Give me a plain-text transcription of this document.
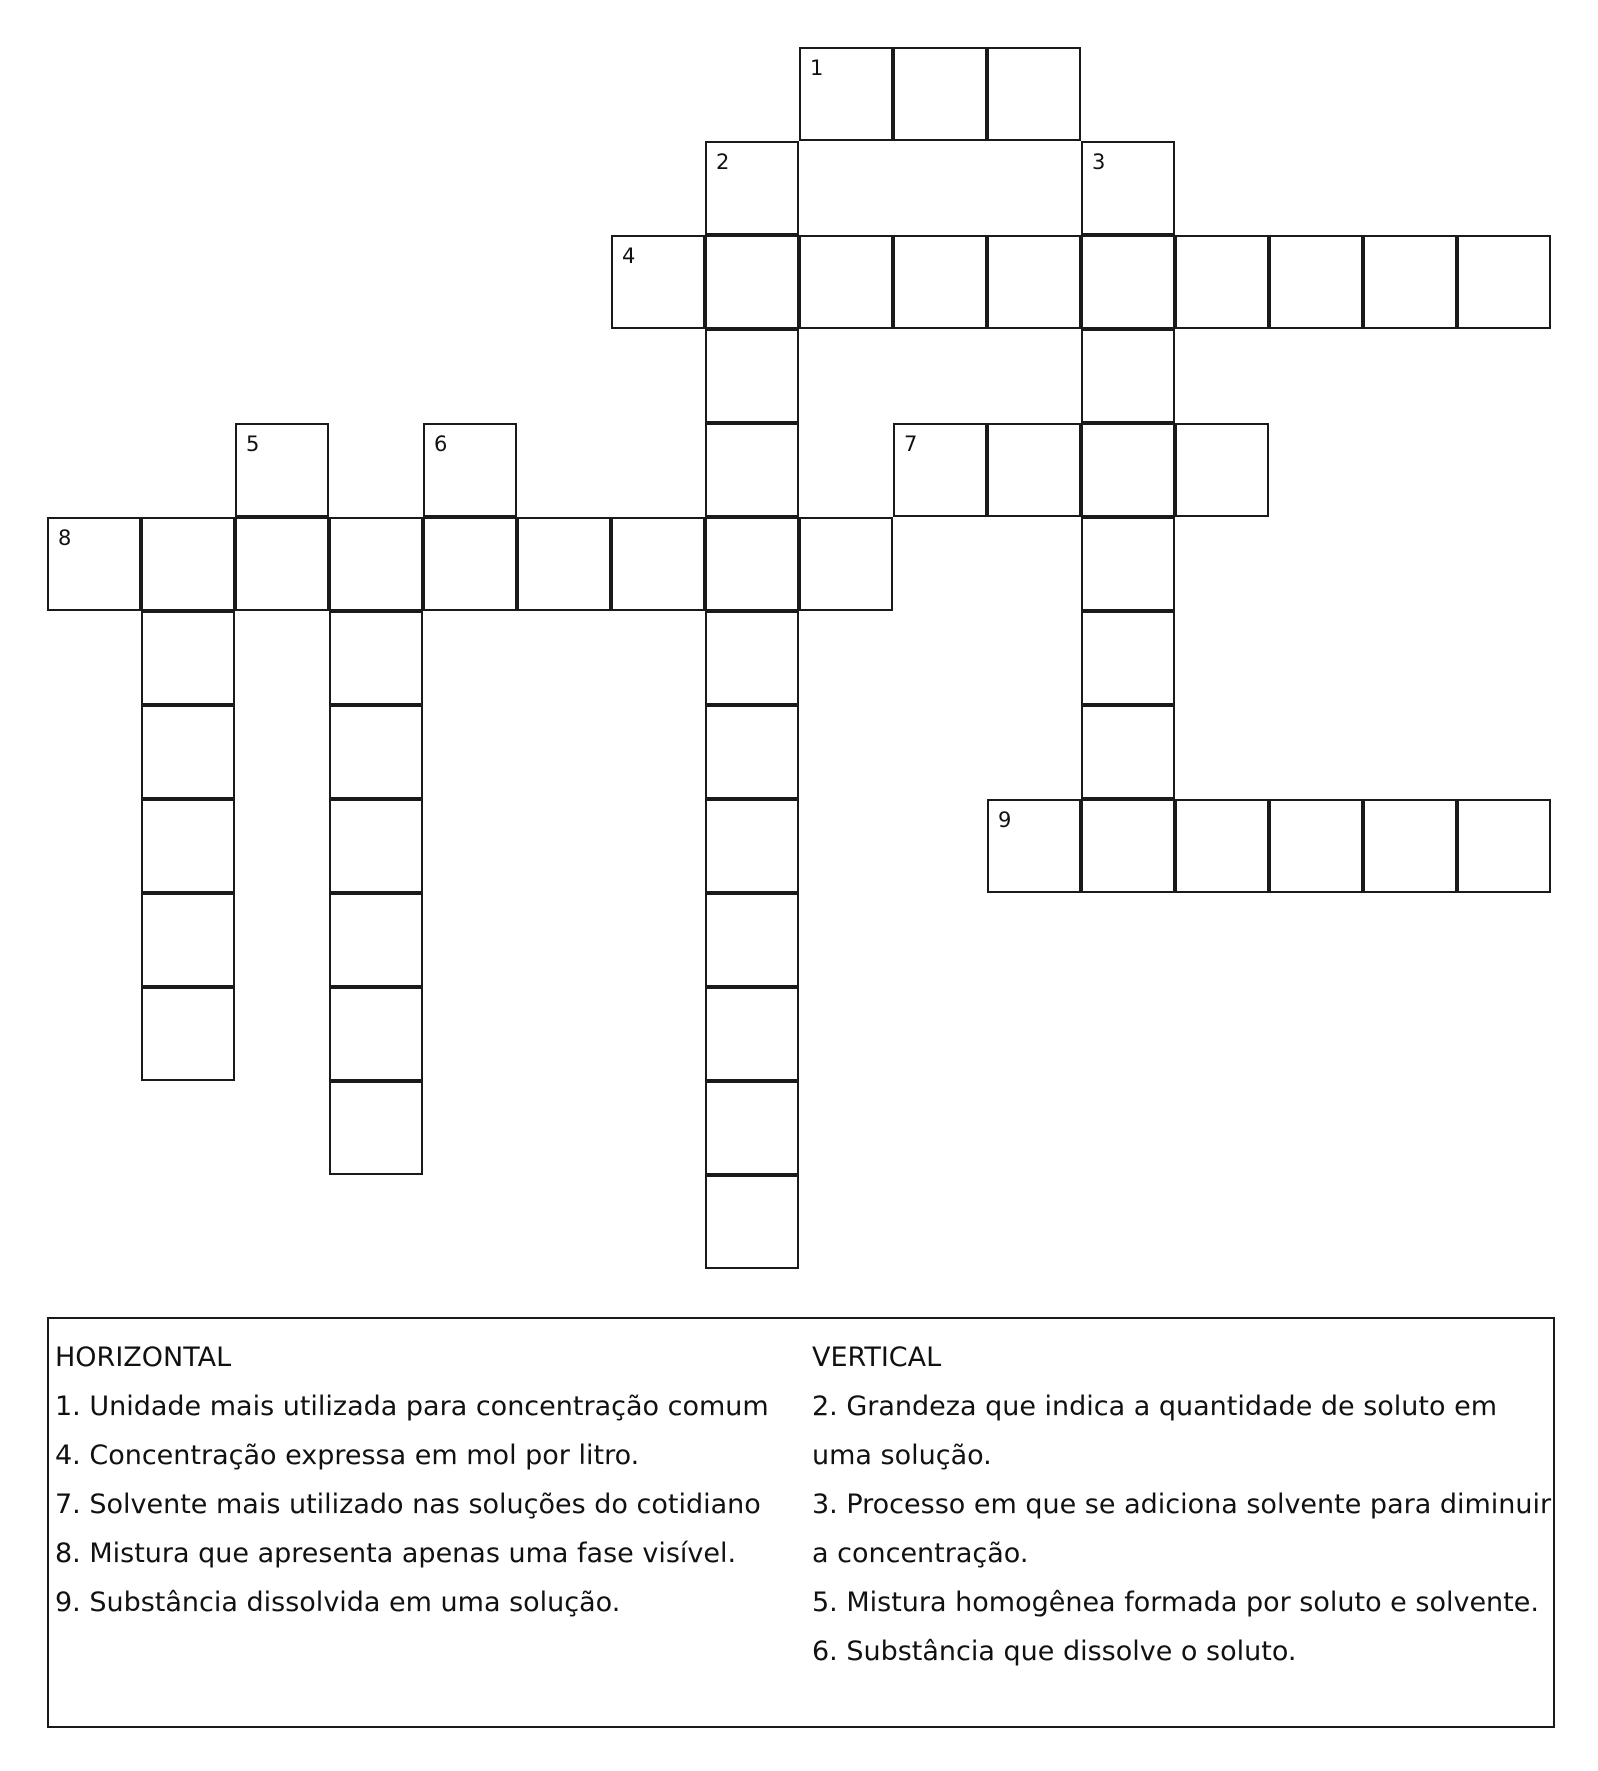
1
2	3
4
5	6	7
8
9
HORIZONTAL
1. Unidade mais utilizada para concentração comum
4. Concentração expressa em mol por litro.
7. Solvente mais utilizado nas soluções do cotidiano
8. Mistura que apresenta apenas uma fase visível.
9. Substância dissolvida em uma solução.
VERTICAL
2. Grandeza que indica a quantidade de soluto em uma solução.
3. Processo em que se adiciona solvente para diminuir a concentração.
5. Mistura homogênea formada por soluto e solvente.
6. Substância que dissolve o soluto.
